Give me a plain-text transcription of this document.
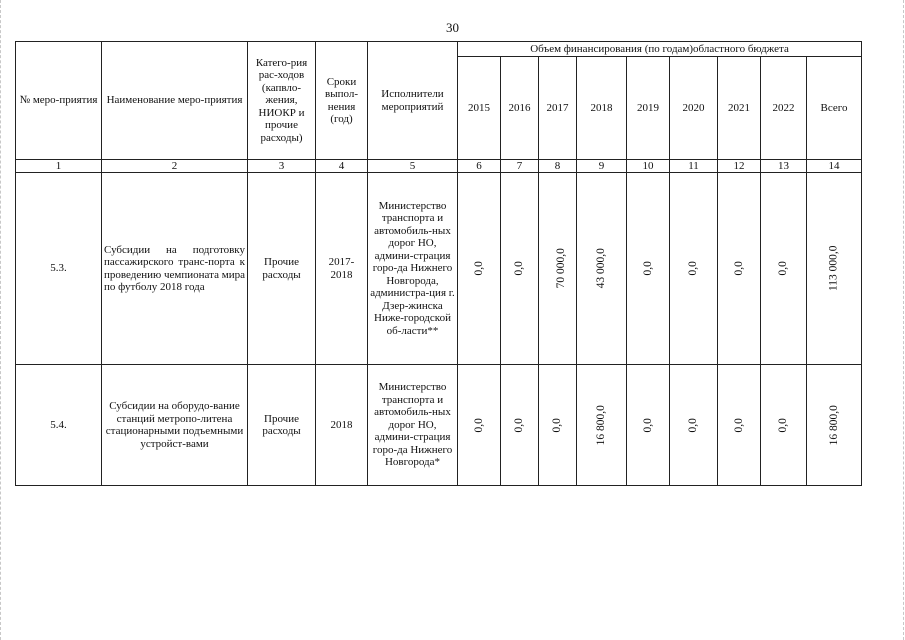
30
№ меро-приятия	Наименование меро-приятия	Катего-рия рас-ходов (капвло-жения, НИОКР и прочие расходы)	Сроки выпол-нения (год)	Исполнители мероприятий	Объем финансирования (по годам)областного бюджета								
					2015	2016	2017	2018	2019	2020	2021	2022	Всего
1	2	3	4	5	6	7	8	9	10	11	12	13	14
5.3.	Субсидии на подготовку пассажирского транс-порта к проведению чемпионата мира по футболу 2018 года	Прочие расходы	2017-2018	Министерство транспорта и автомобиль-ных дорог НО, админи-страция горо-да Нижнего Новгорода, администра-ция г. Дзер-жинска Ниже-городской об-ласти**	0,0	0,0	70 000,0	43 000,0	0,0	0,0	0,0	0,0	113 000,0
5.4.	Субсидии на оборудо-вание станций метропо-литена стационарными подъемными устройст-вами	Прочие расходы	2018	Министерство транспорта и автомобиль-ных дорог НО, админи-страция горо-да Нижнего Новгорода*	0,0	0,0	0,0	16 800,0	0,0	0,0	0,0	0,0	16 800,0
